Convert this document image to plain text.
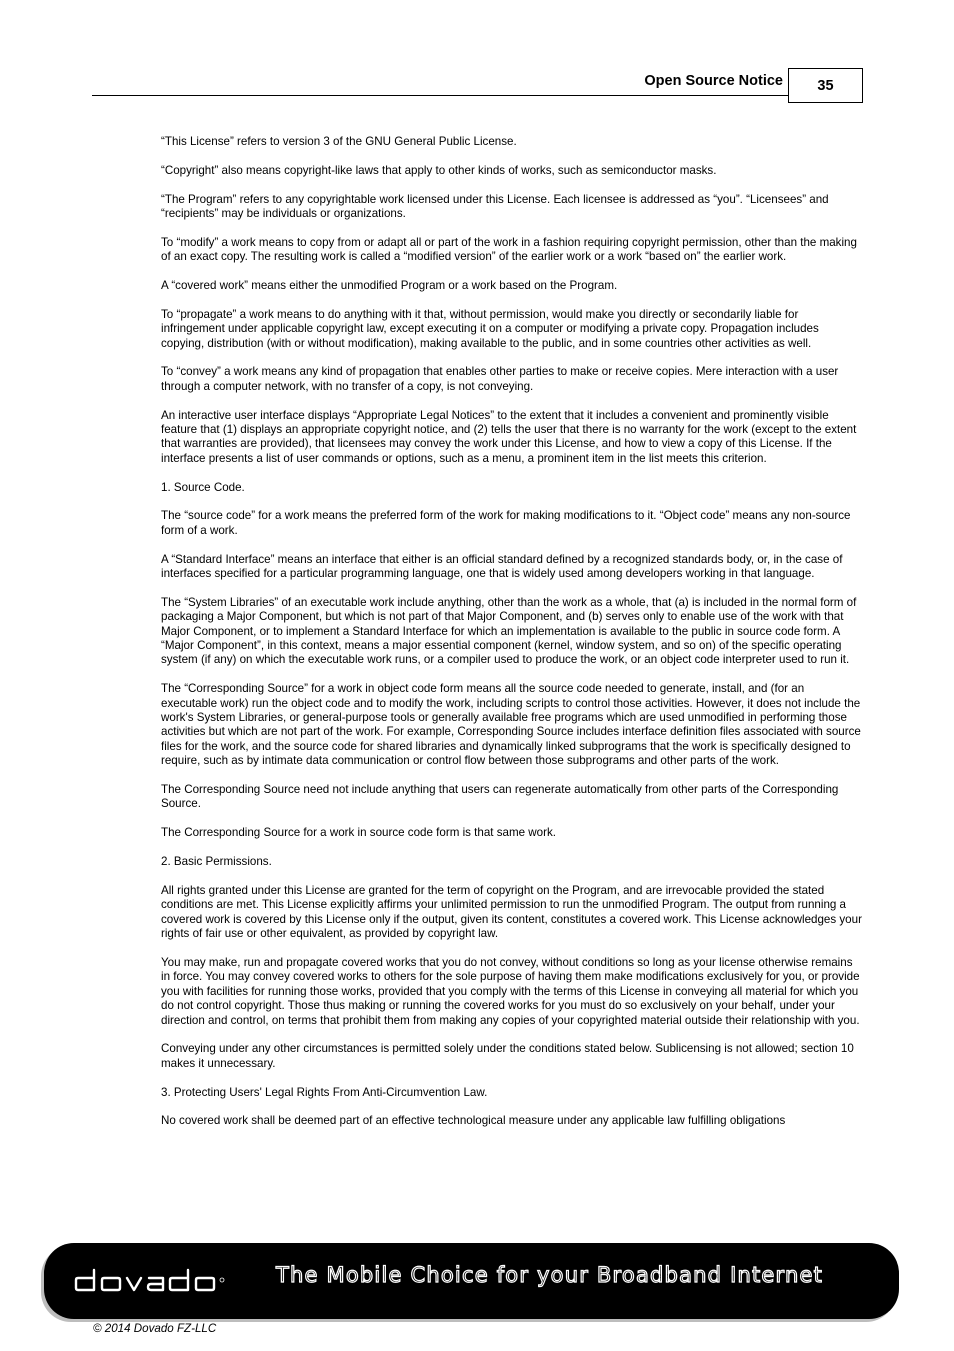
Open Source Notice	35

“This License” refers to version 3 of the GNU General Public License.

“Copyright” also means copyright-like laws that apply to other kinds of works, such as semiconductor masks.

“The Program” refers to any copyrightable work licensed under this License. Each licensee is addressed as “you”. “Licensees” and “recipients” may be individuals or organizations.

To “modify” a work means to copy from or adapt all or part of the work in a fashion requiring copyright permission, other than the making of an exact copy. The resulting work is called a “modified version” of the earlier work or a work “based on” the earlier work.

A “covered work” means either the unmodified Program or a work based on the Program.

To “propagate” a work means to do anything with it that, without permission, would make you directly or secondarily liable for infringement under applicable copyright law, except executing it on a computer or modifying a private copy. Propagation includes copying, distribution (with or without modification), making available to the public, and in some countries other activities as well.

To “convey” a work means any kind of propagation that enables other parties to make or receive copies. Mere interaction with a user through a computer network, with no transfer of a copy, is not conveying.

An interactive user interface displays “Appropriate Legal Notices” to the extent that it includes a convenient and prominently visible feature that (1) displays an appropriate copyright notice, and (2) tells the user that there is no warranty for the work (except to the extent that warranties are provided), that licensees may convey the work under this License, and how to view a copy of this License. If the interface presents a list of user commands or options, such as a menu, a prominent item in the list meets this criterion.

1. Source Code.

The “source code” for a work means the preferred form of the work for making modifications to it. “Object code” means any non-source form of a work.

A “Standard Interface” means an interface that either is an official standard defined by a recognized standards body, or, in the case of interfaces specified for a particular programming language, one that is widely used among developers working in that language.

The “System Libraries” of an executable work include anything, other than the work as a whole, that (a) is included in the normal form of packaging a Major Component, but which is not part of that Major Component, and (b) serves only to enable use of the work with that Major Component, or to implement a Standard Interface for which an implementation is available to the public in source code form. A “Major Component”, in this context, means a major essential component (kernel, window system, and so on) of the specific operating system (if any) on which the executable work runs, or a compiler used to produce the work, or an object code interpreter used to run it.

The “Corresponding Source” for a work in object code form means all the source code needed to generate, install, and (for an executable work) run the object code and to modify the work, including scripts to control those activities. However, it does not include the work's System Libraries, or general-purpose tools or generally available free programs which are used unmodified in performing those activities but which are not part of the work. For example, Corresponding Source includes interface definition files associated with source files for the work, and the source code for shared libraries and dynamically linked subprograms that the work is specifically designed to require, such as by intimate data communication or control flow between those subprograms and other parts of the work.

The Corresponding Source need not include anything that users can regenerate automatically from other parts of the Corresponding Source.

The Corresponding Source for a work in source code form is that same work.

2. Basic Permissions.

All rights granted under this License are granted for the term of copyright on the Program, and are irrevocable provided the stated conditions are met. This License explicitly affirms your unlimited permission to run the unmodified Program. The output from running a covered work is covered by this License only if the output, given its content, constitutes a covered work. This License acknowledges your rights of fair use or other equivalent, as provided by copyright law.

You may make, run and propagate covered works that you do not convey, without conditions so long as your license otherwise remains in force. You may convey covered works to others for the sole purpose of having them make modifications exclusively for you, or provide you with facilities for running those works, provided that you comply with the terms of this License in conveying all material for which you do not control copyright. Those thus making or running the covered works for you must do so exclusively on your behalf, under your direction and control, on terms that prohibit them from making any copies of your copyrighted material outside their relationship with you.

Conveying under any other circumstances is permitted solely under the conditions stated below. Sublicensing is not allowed; section 10 makes it unnecessary.

3. Protecting Users' Legal Rights From Anti-Circumvention Law.

No covered work shall be deemed part of an effective technological measure under any applicable law fulfilling obligations

The Mobile Choice for your Broadband Internet
© 2014 Dovado FZ-LLC
